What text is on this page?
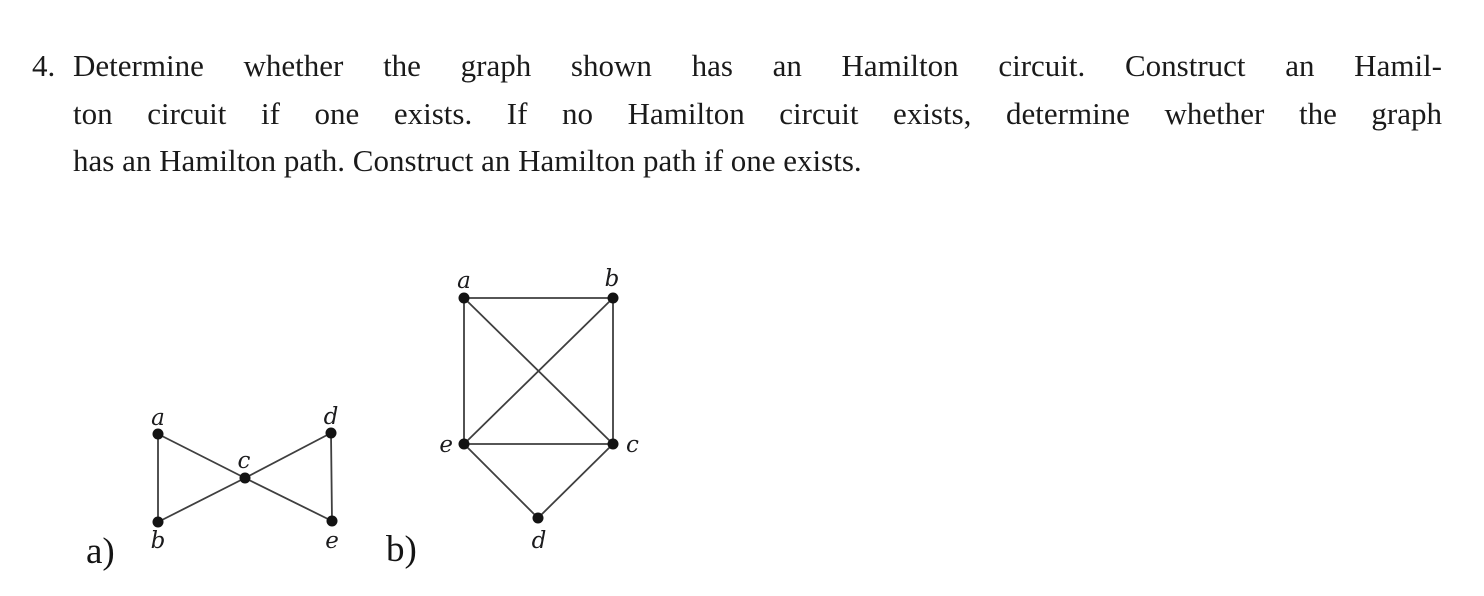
4. Determine whether the graph shown has an Hamilton circuit. Construct an Hamil-
ton circuit if one exists. If no Hamilton circuit exists, determine whether the graph
has an Hamilton path. Construct an Hamilton path if one exists.
a
b
c
d
e
a	b
e	c
d
a)	b)
